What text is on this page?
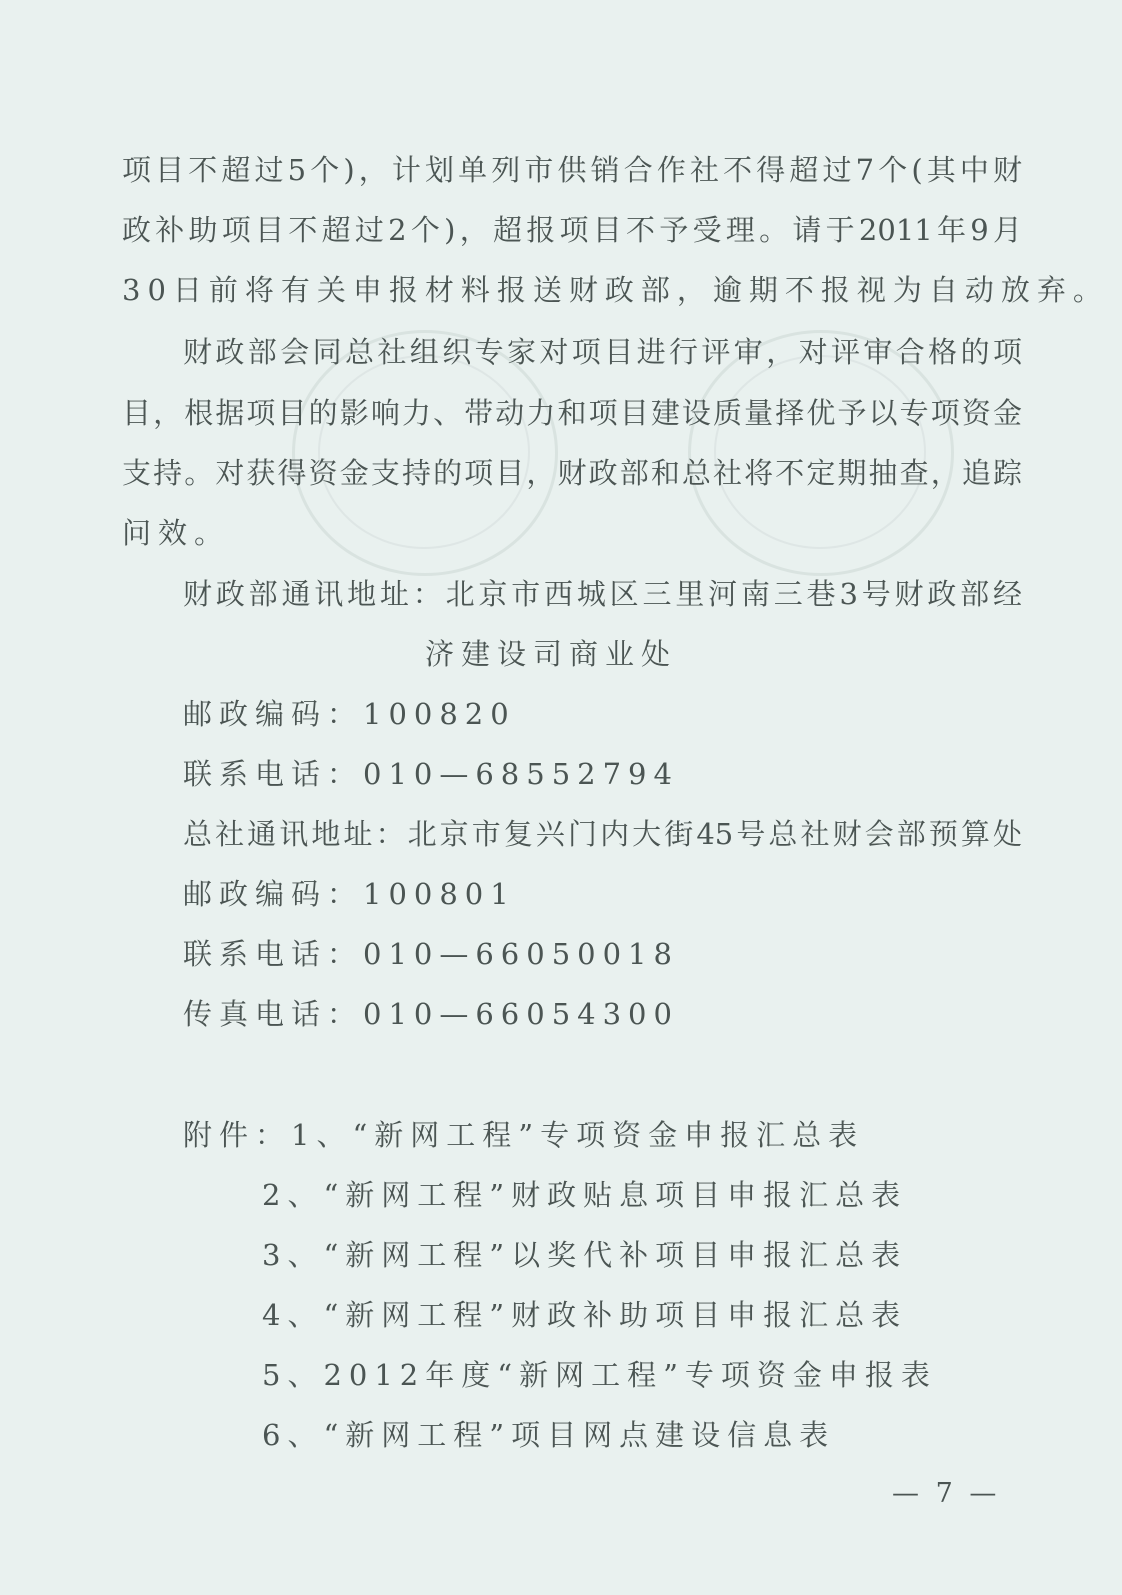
项目不超过5个)，计划单列市供销合作社不得超过7个(其中财
政补助项目不超过2个)，超报项目不予受理。请于2011年9月
30日前将有关申报材料报送财政部，逾期不报视为自动放弃。
财政部会同总社组织专家对项目进行评审，对评审合格的项
目，根据项目的影响力、带动力和项目建设质量择优予以专项资金
支持。对获得资金支持的项目，财政部和总社将不定期抽查，追踪
问效。
财政部通讯地址：北京市西城区三里河南三巷3号财政部经
济建设司商业处
邮政编码：100820
联系电话：010—68552794
总社通讯地址：北京市复兴门内大街45号总社财会部预算处
邮政编码：100801
联系电话：010—66050018
传真电话：010—66054300
附件：1、“新网工程”专项资金申报汇总表
2、“新网工程”财政贴息项目申报汇总表
3、“新网工程”以奖代补项目申报汇总表
4、“新网工程”财政补助项目申报汇总表
5、2012年度“新网工程”专项资金申报表
6、“新网工程”项目网点建设信息表
— 7 —
